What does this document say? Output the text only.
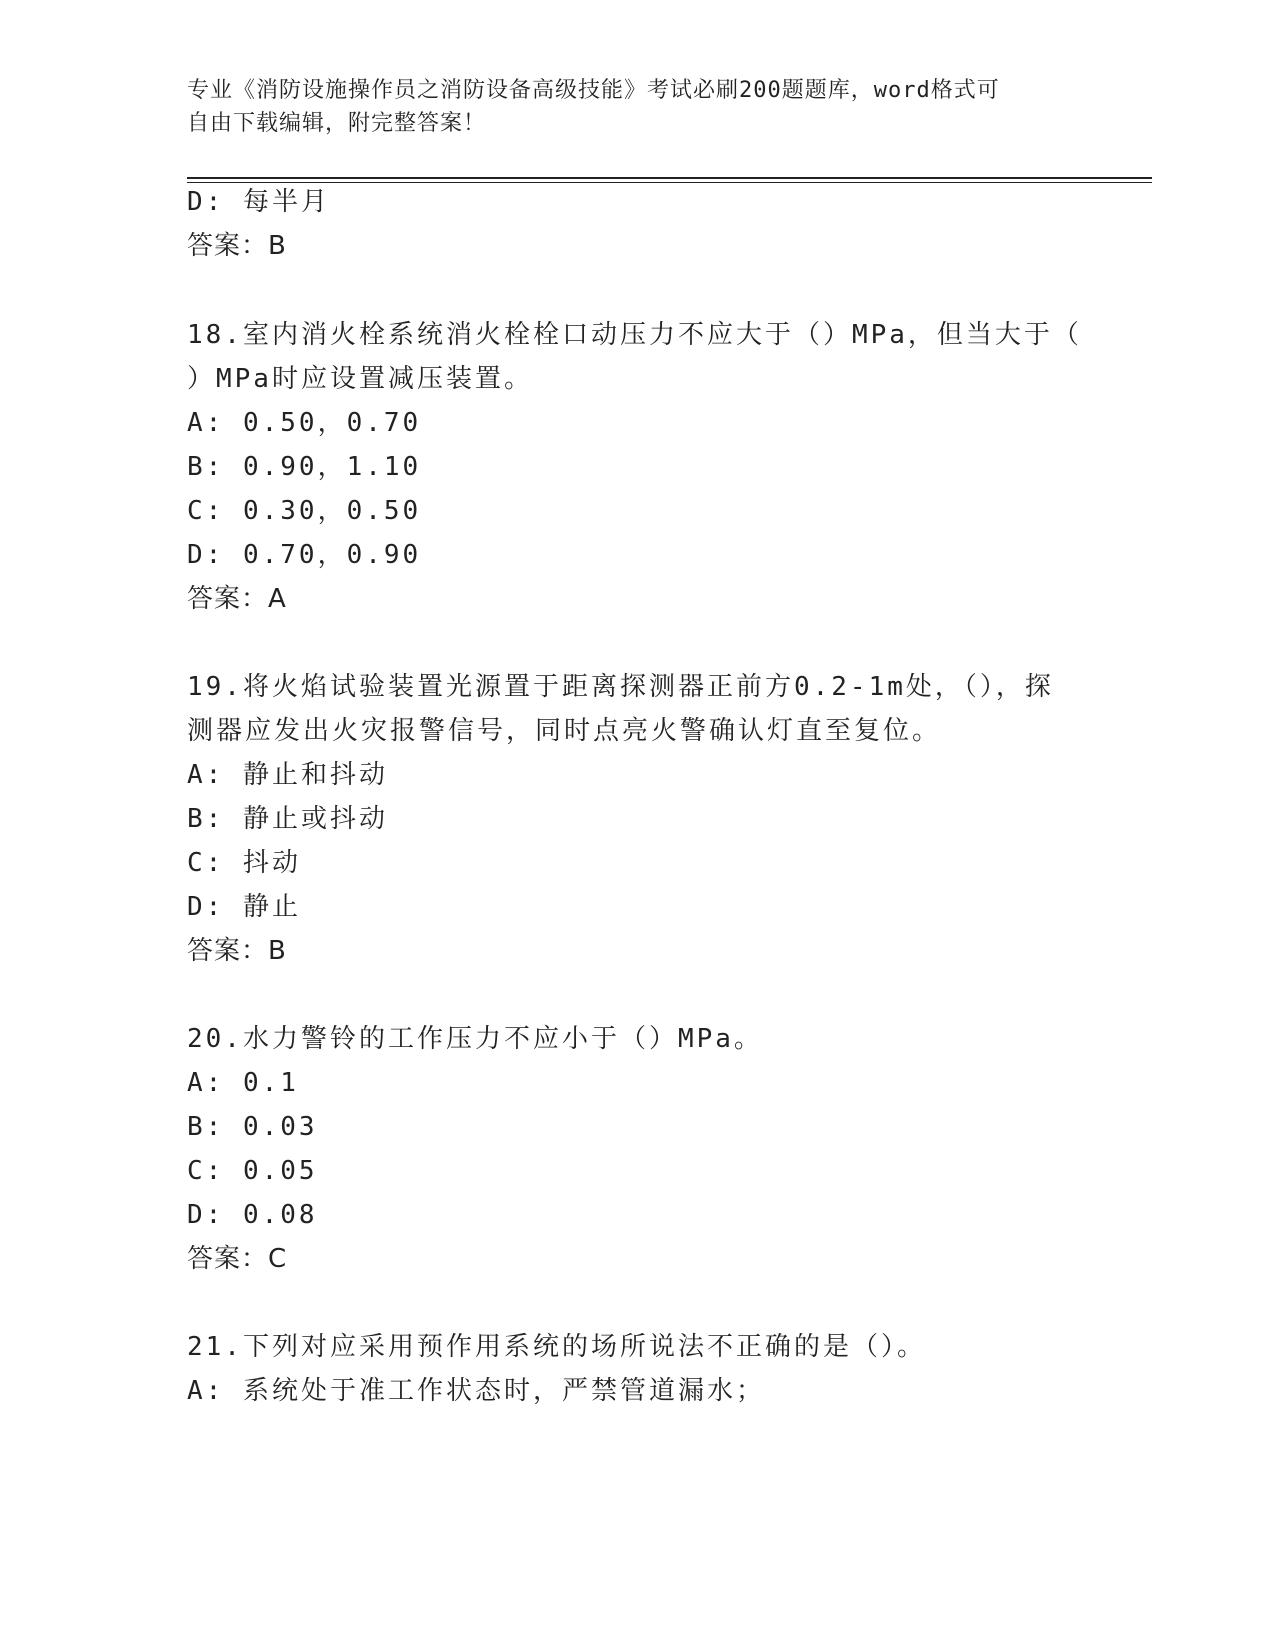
专业《消防设施操作员之消防设备高级技能》考试必刷200题题库，word格式可
自由下载编辑，附完整答案！
D: 每半月
答案：B
18.室内消火栓系统消火栓栓口动压力不应大于（）MPa，但当大于（
）MPa时应设置减压装置。
A: 0.50，0.70
B: 0.90，1.10
C: 0.30，0.50
D: 0.70，0.90
答案：A
19.将火焰试验装置光源置于距离探测器正前方0.2-1m处，（），探
测器应发出火灾报警信号，同时点亮火警确认灯直至复位。
A: 静止和抖动
B: 静止或抖动
C: 抖动
D: 静止
答案：B
20.水力警铃的工作压力不应小于（）MPa。
A: 0.1
B: 0.03
C: 0.05
D: 0.08
答案：C
21.下列对应采用预作用系统的场所说法不正确的是（）。
A: 系统处于准工作状态时，严禁管道漏水；
